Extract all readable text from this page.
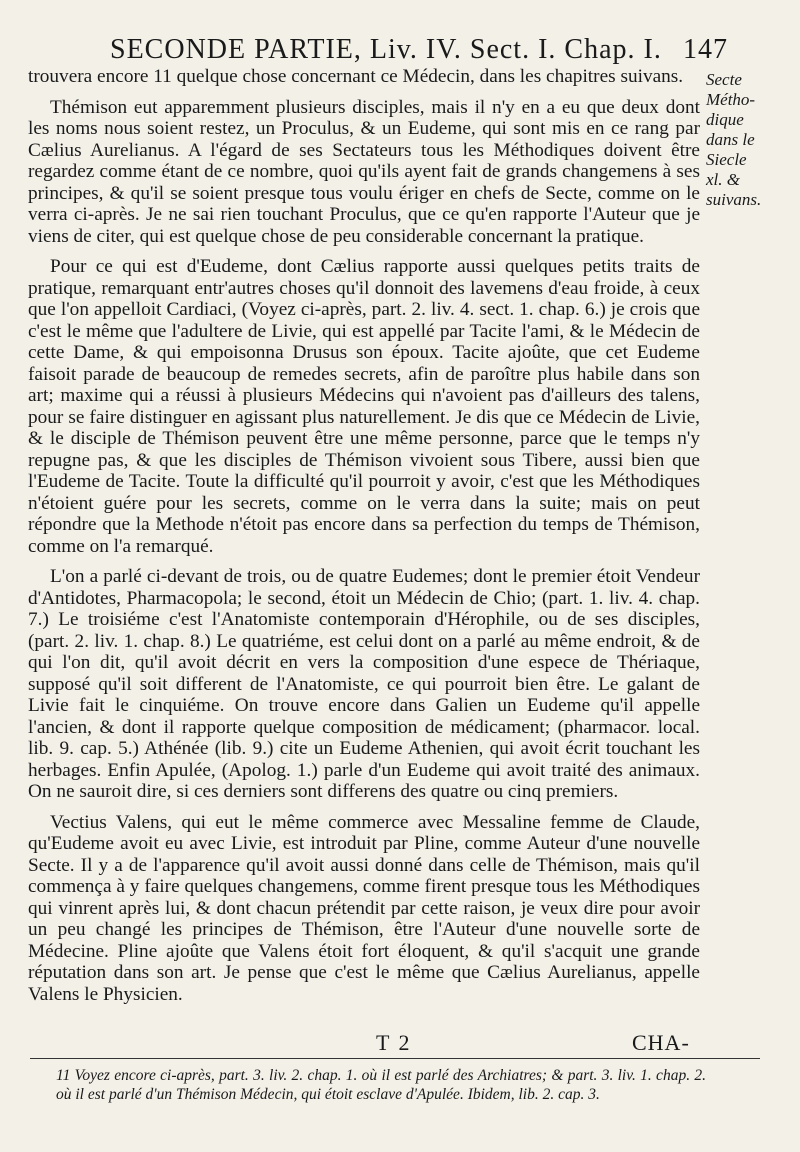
SECONDE PARTIE, Liv. IV. Sect. I. Chap. I. 147

trouvera encore 11 quelque chose concernant ce Médecin, dans les chapitres suivans.

Thémison eut apparemment plusieurs disciples, mais il n'y en a eu que deux dont les noms nous soient restez, un Proculus, & un Eudeme, qui sont mis en ce rang par Cælius Aurelianus. A l'égard de ses Sectateurs tous les Méthodiques doivent être regardez comme étant de ce nombre, quoi qu'ils ayent fait de grands changemens à ses principes, & qu'il se soient presque tous voulu ériger en chefs de Secte, comme on le verra ci-après. Je ne sai rien touchant Proculus, que ce qu'en rapporte l'Auteur que je viens de citer, qui est quelque chose de peu considerable concernant la pratique.

Pour ce qui est d'Eudeme, dont Cælius rapporte aussi quelques petits traits de pratique, remarquant entr'autres choses qu'il donnoit des lavemens d'eau froide, à ceux que l'on appelloit Cardiaci, (Voyez ci-après, part. 2. liv. 4. sect. 1. chap. 6.) je crois que c'est le même que l'adultere de Livie, qui est appellé par Tacite l'ami, & le Médecin de cette Dame, & qui empoisonna Drusus son époux. Tacite ajoûte, que cet Eudeme faisoit parade de beaucoup de remedes secrets, afin de paroître plus habile dans son art; maxime qui a réussi à plusieurs Médecins qui n'avoient pas d'ailleurs des talens, pour se faire distinguer en agissant plus naturellement. Je dis que ce Médecin de Livie, & le disciple de Thémison peuvent être une même personne, parce que le temps n'y repugne pas, & que les disciples de Thémison vivoient sous Tibere, aussi bien que l'Eudeme de Tacite. Toute la difficulté qu'il pourroit y avoir, c'est que les Méthodiques n'étoient guére pour les secrets, comme on le verra dans la suite; mais on peut répondre que la Methode n'étoit pas encore dans sa perfection du temps de Thémison, comme on l'a remarqué.

L'on a parlé ci-devant de trois, ou de quatre Eudemes; dont le premier étoit Vendeur d'Antidotes, Pharmacopola; le second, étoit un Médecin de Chio; (part. 1. liv. 4. chap. 7.) Le troisiéme c'est l'Anatomiste contemporain d'Hérophile, ou de ses disciples, (part. 2. liv. 1. chap. 8.) Le quatriéme, est celui dont on a parlé au même endroit, & de qui l'on dit, qu'il avoit décrit en vers la composition d'une espece de Thériaque, supposé qu'il soit different de l'Anatomiste, ce qui pourroit bien être. Le galant de Livie fait le cinquiéme. On trouve encore dans Galien un Eudeme qu'il appelle l'ancien, & dont il rapporte quelque composition de médicament; (pharmacor. local. lib. 9. cap. 5.) Athénée (lib. 9.) cite un Eudeme Athenien, qui avoit écrit touchant les herbages. Enfin Apulée, (Apolog. 1.) parle d'un Eudeme qui avoit traité des animaux. On ne sauroit dire, si ces derniers sont differens des quatre ou cinq premiers.

Vectius Valens, qui eut le même commerce avec Messaline femme de Claude, qu'Eudeme avoit eu avec Livie, est introduit par Pline, comme Auteur d'une nouvelle Secte. Il y a de l'apparence qu'il avoit aussi donné dans celle de Thémison, mais qu'il commença à y faire quelques changemens, comme firent presque tous les Méthodiques qui vinrent après lui, & dont chacun prétendit par cette raison, je veux dire pour avoir un peu changé les principes de Thémison, être l'Auteur d'une nouvelle sorte de Médecine. Pline ajoûte que Valens étoit fort éloquent, & qu'il s'acquit une grande réputation dans son art. Je pense que c'est le même que Cælius Aurelianus, appelle Valens le Physicien.

Secte
Métho-
dique
dans le
Siecle
xl. &
suivans.
T 2	CHA-
11 Voyez encore ci-après, part. 3. liv. 2. chap. 1. où il est parlé des Archiatres; & part. 3. liv. 1. chap. 2. où il est parlé d'un Thémison Médecin, qui étoit esclave d'Apulée. Ibidem, lib. 2. cap. 3.
